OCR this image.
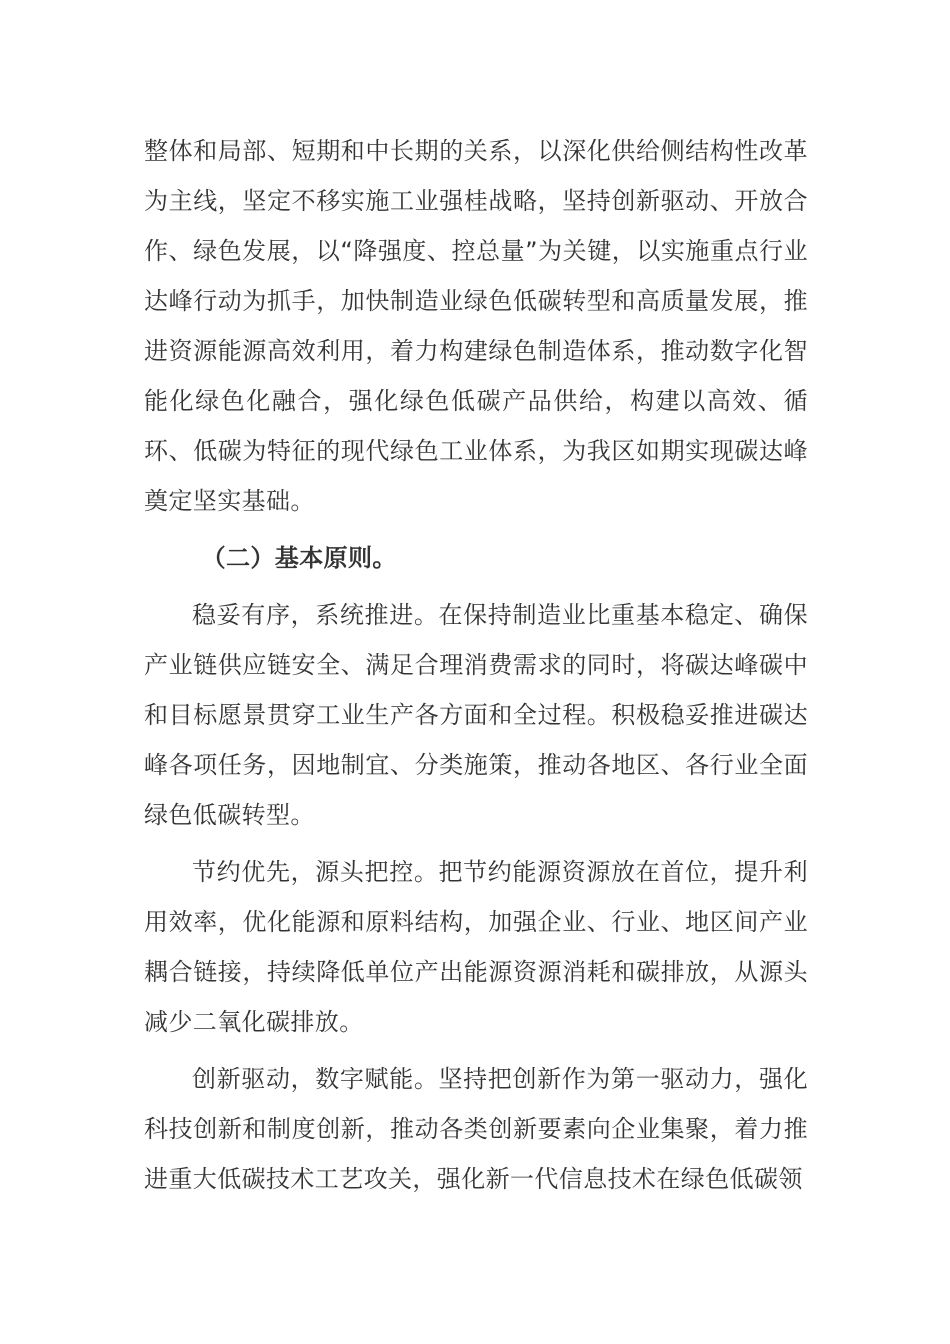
整体和局部、短期和中长期的关系，以深化供给侧结构性改革为主线，坚定不移实施工业强桂战略，坚持创新驱动、开放合作、绿色发展，以“降强度、控总量”为关键，以实施重点行业达峰行动为抓手，加快制造业绿色低碳转型和高质量发展，推进资源能源高效利用，着力构建绿色制造体系，推动数字化智能化绿色化融合，强化绿色低碳产品供给，构建以高效、循环、低碳为特征的现代绿色工业体系，为我区如期实现碳达峰奠定坚实基础。

（二）基本原则。

稳妥有序，系统推进。在保持制造业比重基本稳定、确保产业链供应链安全、满足合理消费需求的同时，将碳达峰碳中和目标愿景贯穿工业生产各方面和全过程。积极稳妥推进碳达峰各项任务，因地制宜、分类施策，推动各地区、各行业全面绿色低碳转型。

节约优先，源头把控。把节约能源资源放在首位，提升利用效率，优化能源和原料结构，加强企业、行业、地区间产业耦合链接，持续降低单位产出能源资源消耗和碳排放，从源头减少二氧化碳排放。

创新驱动，数字赋能。坚持把创新作为第一驱动力，强化科技创新和制度创新，推动各类创新要素向企业集聚，着力推进重大低碳技术工艺攻关，强化新一代信息技术在绿色低碳领
